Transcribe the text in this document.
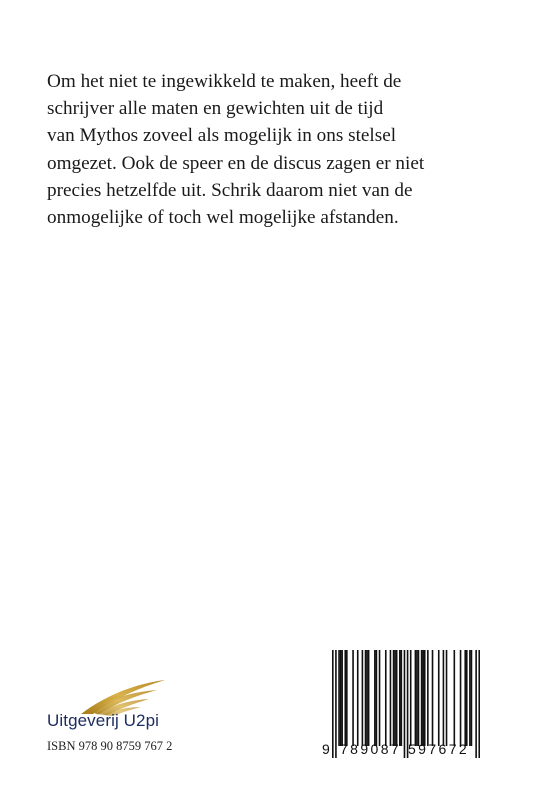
Om het niet te ingewikkeld te maken, heeft de
schrijver alle maten en gewichten uit de tijd
van Mythos zoveel als mogelijk in ons stelsel
omgezet. Ook de speer en de discus zagen er niet
precies hetzelfde uit. Schrik daarom niet van de
onmogelijke of toch wel mogelijke afstanden.
Uitgeverij U2pi
ISBN 978 90 8759 767 2	9 789087 597672
